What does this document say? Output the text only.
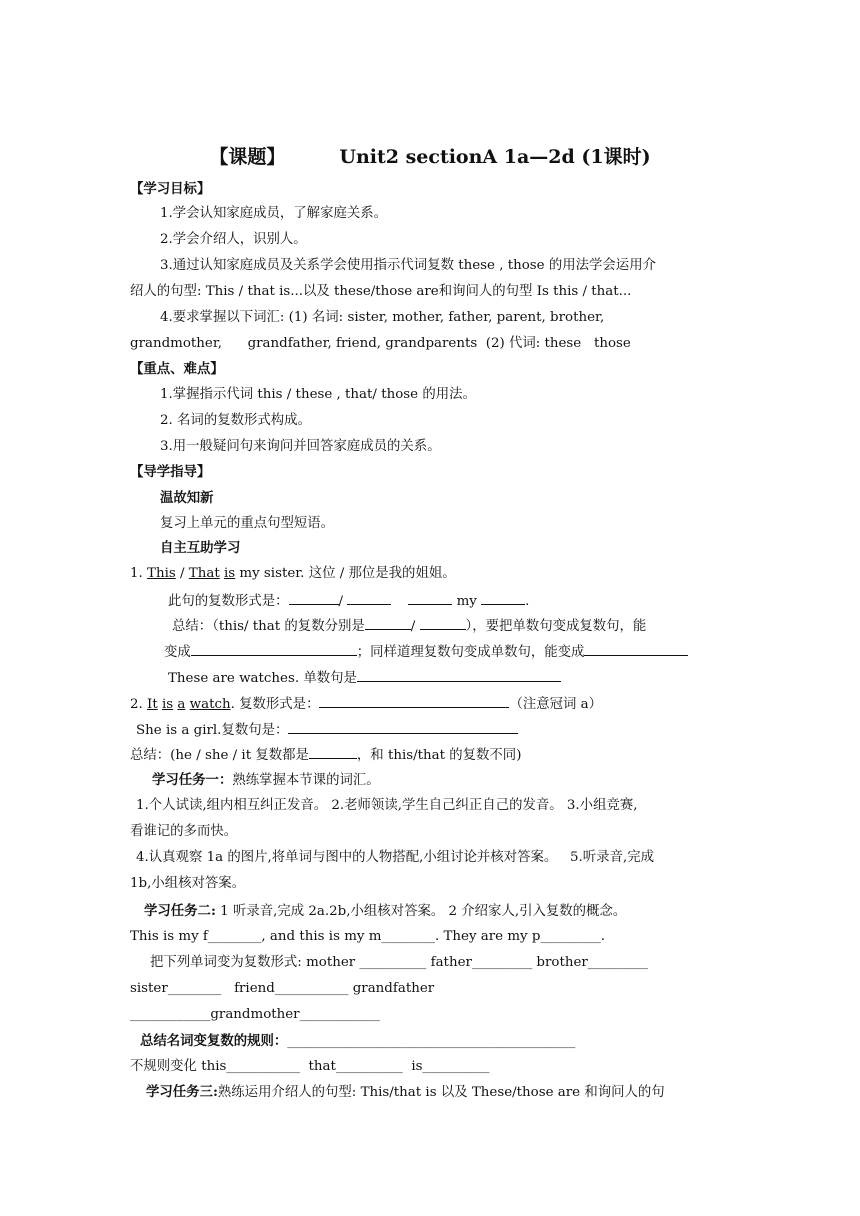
【课题】	Unit2 sectionA 1a—2d (1课时)
【学习目标】
1.学会认知家庭成员，了解家庭关系。
2.学会介绍人，识别人。
3.通过认知家庭成员及关系学会使用指示代词复数 these , those 的用法学会运用介
绍人的句型: This / that is...以及 these/those are和询问人的句型 Is this / that...
4.要求掌握以下词汇: (1) 名词: sister, mother, father, parent, brother,
grandmother,      grandfather, friend, grandparents  (2) 代词: these   those
【重点、难点】
1.掌握指示代词 this / these , that/ those 的用法。
2. 名词的复数形式构成。
3.用一般疑问句来询问并回答家庭成员的关系。
【导学指导】
温故知新
复习上单元的重点句型短语。
自主互助学习
1. This / That is my sister. 这位 / 那位是我的姐姐。
此句的复数形式是：	/	my	.
总结：（this/ that 的复数分别是	/	），要把单数句变成复数句，能
变成	；同样道理复数句变成单数句，能变成
These are watches. 单数句是
2. It is a watch. 复数形式是：	（注意冠词 a）
She is a girl.复数句是：
总结：(he / she / it 复数都是	，和 this/that 的复数不同)
学习任务一：熟练掌握本节课的词汇。
1.个人试读,组内相互纠正发音。 2.老师领读,学生自己纠正自己的发音。 3.小组竞赛,
看谁记的多而快。
4.认真观察 1a 的图片,将单词与图中的人物搭配,小组讨论并核对答案。   5.听录音,完成
1b,小组核对答案。
学习任务二: 1 听录音,完成 2a.2b,小组核对答案。 2 介绍家人,引入复数的概念。
This is my f________, and this is my m________. They are my p_________.
把下列单词变为复数形式: mother __________ father_________ brother_________
sister________   friend___________ grandfather
____________grandmother____________
总结名词变复数的规则：___________________________________________
不规则变化 this___________  that__________  is__________
学习任务三:熟练运用介绍人的句型: This/that is 以及 These/those are 和询问人的句
